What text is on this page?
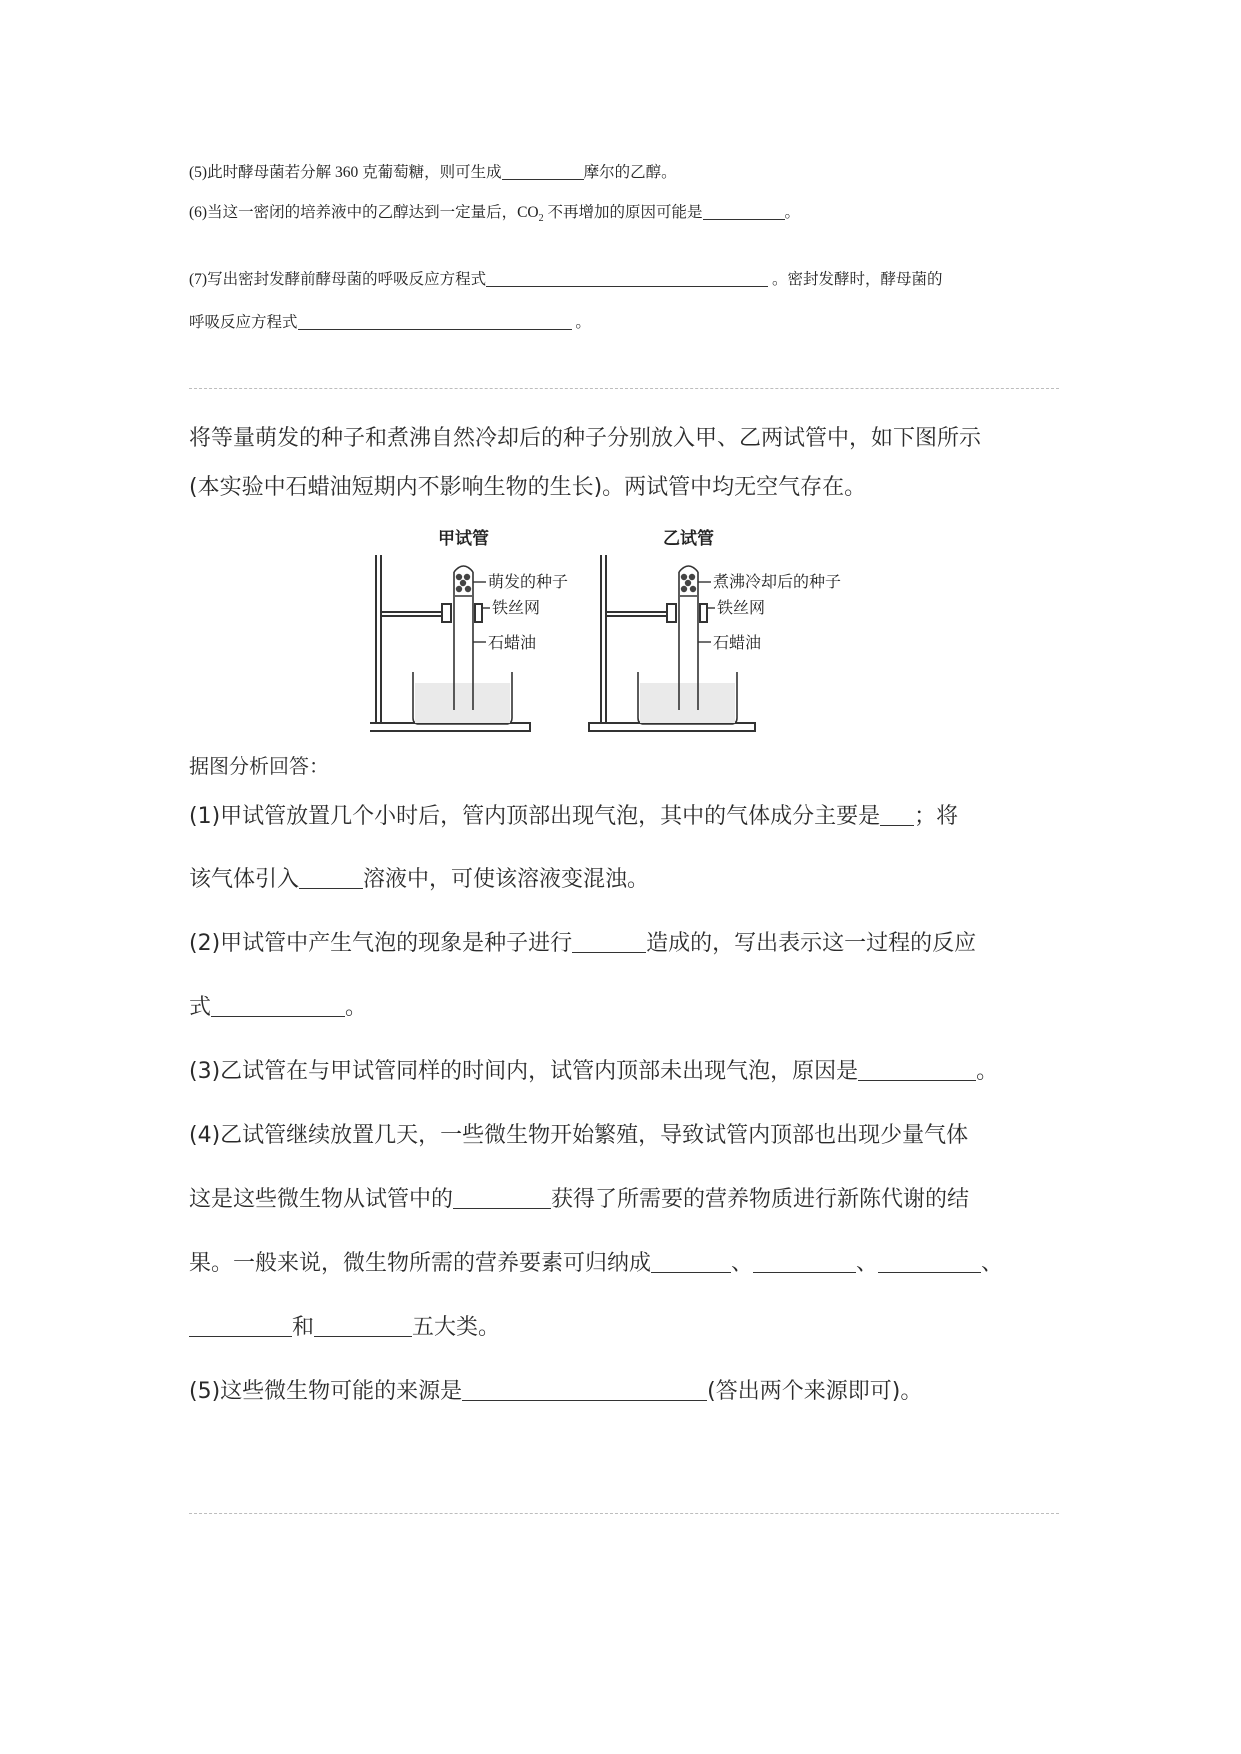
(5)此时酵母菌若分解 360 克葡萄糖，则可生成	摩尔的乙醇。
(6)当这一密闭的培养液中的乙醇达到一定量后，$CO_2$ 不再增加的原因可能是	。
(7)写出密封发酵前酵母菌的呼吸反应方程式	。密封发酵时，酵母菌的
呼吸反应方程式	。
将等量萌发的种子和煮沸自然冷却后的种子分别放入甲、乙两试管中，如下图所示
(本实验中石蜡油短期内不影响生物的生长)。两试管中均无空气存在。
甲试管	乙试管
萌发的种子
铁丝网
石蜡油
煮沸冷却后的种子
铁丝网
石蜡油
据图分析回答：
(1)甲试管放置几个小时后，管内顶部出现气泡，其中的气体成分主要是 ；将
该气体引入	溶液中，可使该溶液变混浊。
(2)甲试管中产生气泡的现象是种子进行	造成的，写出表示这一过程的反应
式	。
(3)乙试管在与甲试管同样的时间内，试管内顶部未出现气泡，原因是	。
(4)乙试管继续放置几天，一些微生物开始繁殖，导致试管内顶部也出现少量气体
这是这些微生物从试管中的	获得了所需要的营养物质进行新陈代谢的结
果。一般来说，微生物所需的营养要素可归纳成	、	、	、
和	五大类。
(5)这些微生物可能的来源是	(答出两个来源即可)。
